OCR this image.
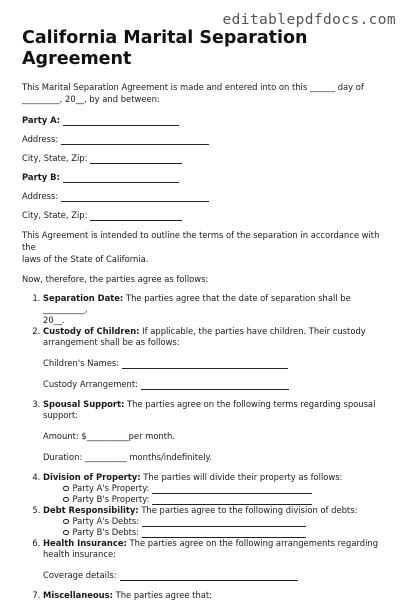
editablepdfdocs.com
California Marital Separation Agreement

This Marital Separation Agreement is made and entered into on this ______ day of

_________, 20__, by and between:

Party A:
Address:
City, State, Zip:
Party B:
Address:
City, State, Zip:

This Agreement is intended to outline the terms of the separation in accordance with the

laws of the State of California.

Now, therefore, the parties agree as follows:

1. Separation Date: The parties agree that the date of separation shall be __________,
20__.
2. Custody of Children: If applicable, the parties have children. Their custody
arrangement shall be as follows:
Children's Names:
Custody Arrangement:
3. Spousal Support: The parties agree on the following terms regarding spousal
support:
Amount: $__________ per month.
Duration: __________ months/indefinitely.
4. Division of Property: The parties will divide their property as follows:
Party A's Property:
Party B's Property:
5. Debt Responsibility: The parties agree to the following division of debts:
Party A's Debts:
Party B's Debts:
6. Health Insurance: The parties agree on the following arrangements regarding
health insurance:
Coverage details:
7. Miscellaneous: The parties agree that:
